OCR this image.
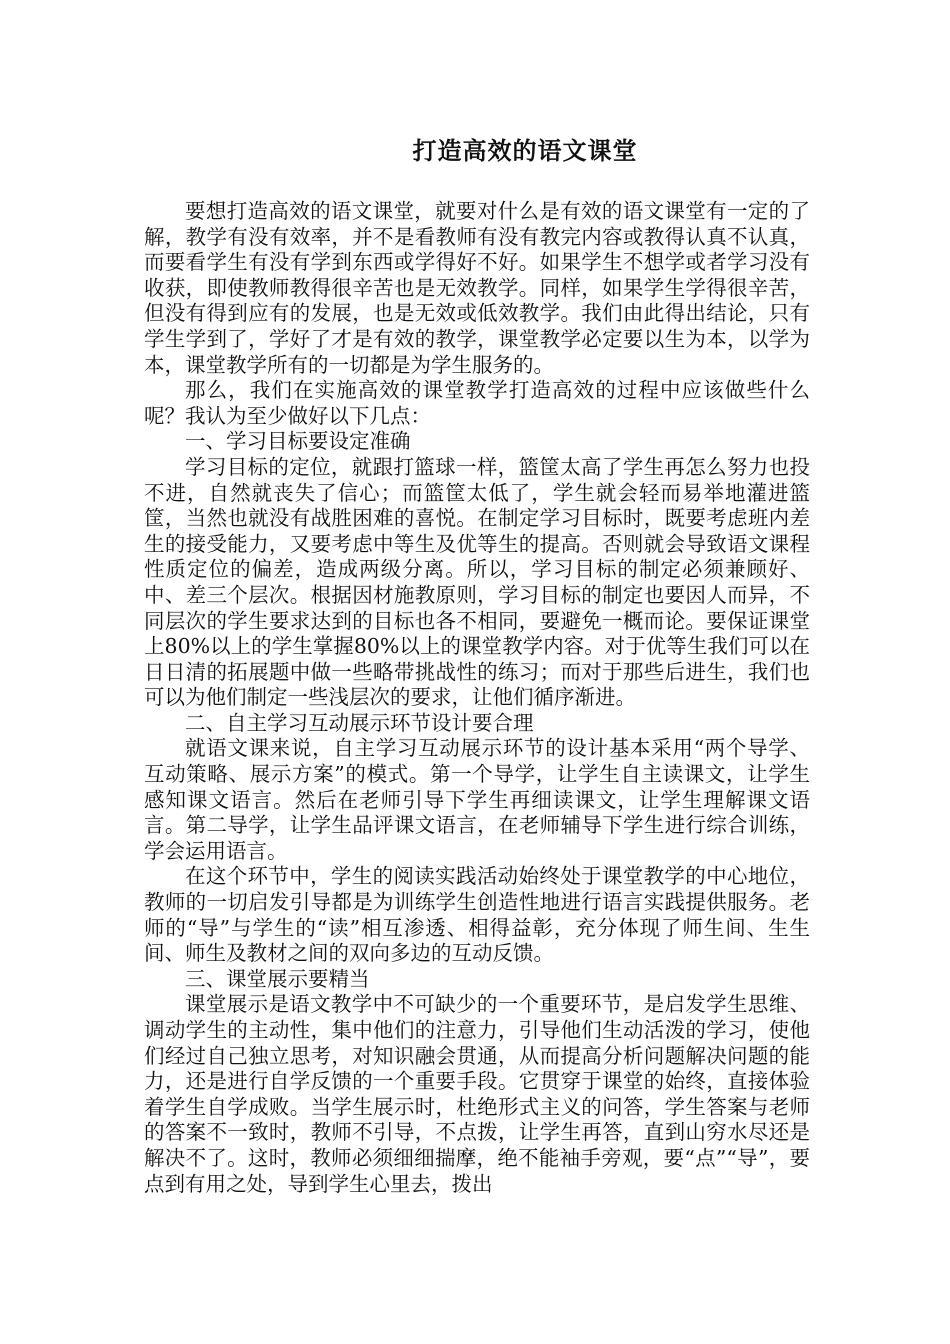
打造高效的语文课堂

要想打造高效的语文课堂，就要对什么是有效的语文课堂有一定的了解，教学有没有效率，并不是看教师有没有教完内容或教得认真不认真，而要看学生有没有学到东西或学得好不好。如果学生不想学或者学习没有收获，即使教师教得很辛苦也是无效教学。同样，如果学生学得很辛苦，但没有得到应有的发展，也是无效或低效教学。我们由此得出结论，只有学生学到了，学好了才是有效的教学，课堂教学必定要以生为本，以学为本，课堂教学所有的一切都是为学生服务的。

那么，我们在实施高效的课堂教学打造高效的过程中应该做些什么呢？我认为至少做好以下几点：

一、学习目标要设定准确

学习目标的定位，就跟打篮球一样，篮筐太高了学生再怎么努力也投不进，自然就丧失了信心；而篮筐太低了，学生就会轻而易举地灌进篮筐，当然也就没有战胜困难的喜悦。在制定学习目标时，既要考虑班内差生的接受能力，又要考虑中等生及优等生的提高。否则就会导致语文课程性质定位的偏差，造成两级分离。所以，学习目标的制定必须兼顾好、中、差三个层次。根据因材施教原则，学习目标的制定也要因人而异，不同层次的学生要求达到的目标也各不相同，要避免一概而论。要保证课堂上80%以上的学生掌握80%以上的课堂教学内容。对于优等生我们可以在日日清的拓展题中做一些略带挑战性的练习；而对于那些后进生，我们也可以为他们制定一些浅层次的要求，让他们循序渐进。

二、自主学习互动展示环节设计要合理

就语文课来说，自主学习互动展示环节的设计基本采用“两个导学、互动策略、展示方案”的模式。第一个导学，让学生自主读课文，让学生感知课文语言。然后在老师引导下学生再细读课文，让学生理解课文语言。第二导学，让学生品评课文语言，在老师辅导下学生进行综合训练，学会运用语言。

在这个环节中，学生的阅读实践活动始终处于课堂教学的中心地位，教师的一切启发引导都是为训练学生创造性地进行语言实践提供服务。老师的“导”与学生的“读”相互渗透、相得益彰，充分体现了师生间、生生间、师生及教材之间的双向多边的互动反馈。

三、课堂展示要精当

课堂展示是语文教学中不可缺少的一个重要环节，是启发学生思维、调动学生的主动性，集中他们的注意力，引导他们生动活泼的学习，使他们经过自己独立思考，对知识融会贯通，从而提高分析问题解决问题的能力，还是进行自学反馈的一个重要手段。它贯穿于课堂的始终，直接体验着学生自学成败。当学生展示时，杜绝形式主义的问答，学生答案与老师的答案不一致时，教师不引导，不点拨，让学生再答，直到山穷水尽还是解决不了。这时，教师必须细细揣摩，绝不能袖手旁观，要“点”“导”，要点到有用之处，导到学生心里去，拨出
